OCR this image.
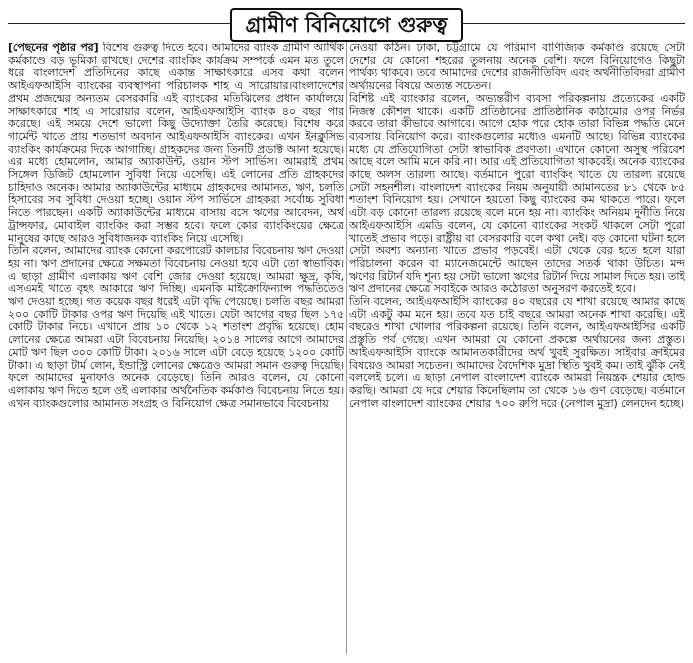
গ্রামীণ বিনিয়োগে গুরুত্ব

[পেছনের পৃষ্ঠার পর] বিশেষ গুরুত্ব দিতে হবে। আমাদের ব্যাংক গ্রামীণ আর্থিক কর্মকাণ্ডে বড় ভূমিকা রাখছে। দেশের ব্যাংকিং কার্যক্রম সম্পর্কে এমন মত তুলে ধরে বাংলাদেশ প্রতিদিনের কাছে একান্ত সাক্ষাৎকারে এসব কথা বলেন আইএফআইসি ব্যাংকের ব্যবস্থাপনা পরিচালক শাহ এ সারোয়ার।বাংলাদেশের প্রথম প্রজন্মের অন্যতম বেসরকারি এই ব্যাংকের মতিঝিলের প্রধান কার্যালয়ে সাক্ষাৎকারে শাহ এ সারোয়ার বলেন, আইএফআইসি ব্যাংক ৪০ বছর পার করেছে। এই সময়ে দেশে ভালো কিছু উদ্যোক্তা তৈরি করেছে। বিশেষ করে গার্মেন্ট খাতে প্রায় শতভাগ অবদান আইএফআইসি ব্যাংকের। এখন ইনক্লুসিভ ব্যাংকিং কার্যক্রমের দিকে আগাচ্ছি। গ্রাহকদের জন্য তিনটি প্রডাক্ট আনা হয়েছে। এর মধ্যে হোমলোন, আমার অ্যাকাউন্ট, ওয়ান স্টপ সার্ভিস। আমরাই প্রথম সিঙ্গেল ডিজিট হোমলোন সুবিধা নিয়ে এসেছি। এই লোনের প্রতি গ্রাহকদের চাহিদাও অনেক। আমার অ্যাকাউন্টের মাধ্যমে গ্রাহকদের আমানত, ঋণ, চলতি হিসাবের সব সুবিধা দেওয়া হচ্ছে। ওয়ান স্টপ সার্ভিসে গ্রাহকরা সর্বোচ্চ সুবিধা নিতে পারছেন। একটি অ্যাকাউন্টের মাধ্যমে বাসায় বসে ঋণের আবেদন, অর্থ ট্রান্সফার, মোবাইল ব্যাংকিং করা সম্ভব হবে। ফলে কোর ব্যাংকিংয়ের ক্ষেত্রে মানুষের কাছে আরও সুবিধাজনক ব্যাংকিং নিয়ে এসেছি।

তিনি বলেন, আমাদের ব্যাংক কোনো করপোরেট কালচার বিবেচনায় ঋণ দেওয়া হয় না। ঋণ প্রদানের ক্ষেত্রে সক্ষমতা বিবেচনায় নেওয়া হবে এটা তো স্বাভাবিক। এ ছাড়া গ্রামীণ এলাকায় ঋণ বেশি জোর দেওয়া হয়েছে। আমরা ক্ষুদ্র, কৃষি, এসএমই খাতে বৃহৎ আকারে ঋণ দিচ্ছি। এমনকি মাইক্রোফিন্যান্স পদ্ধতিতেও ঋণ দেওয়া হচ্ছে। গত কয়েক বছর ধরেই এটা বৃদ্ধি পেয়েছে। চলতি বছর আমরা ২০০ কোটি টাকার ওপর ঋণ দিয়েছি এই খাতে। যেটা আগের বছর ছিল ১৭৫ কোটি টাকার নিচে। এখানে প্রায় ১০ থেকে ১২ শতাংশ প্রবৃদ্ধি হয়েছে। হোম লোনের ক্ষেত্রে আমরা এটা বিবেচনায় নিয়েছি। ২০১৪ সালের আগে আমাদের মোট ঋণ ছিল ৩০০ কোটি টাকা। ২০১৬ সালে এটা বেড়ে হয়েছে ১২০০ কোটি টাকা। এ ছাড়া টার্ম লোন, ইন্ডাস্ট্রি লোনের ক্ষেত্রেও আমরা সমান গুরুত্ব দিয়েছি। ফলে আমাদের মুনাফাও অনেক বেড়েছে। তিনি আরও বলেন, যে কোনো এলাকায় ঋণ দিতে হলে ওই এলাকার অর্থনৈতিক কর্মকাণ্ড বিবেচনায় নিতে হয়। এখন ব্যাংকগুলোর আমানত সংগ্রহ ও বিনিয়োগ ক্ষেত্র সমানভাবে বিবেচনায়

নেওয়া কঠিন। ঢাকা, চট্টগ্রামে যে পরিমাণ বাণিজ্যিক কর্মকাণ্ড রয়েছে সেটা দেশের যে কোনো শহরের তুলনায় অনেক বেশি। ফলে বিনিয়োগেও কিছুটা পার্থক্য থাকবে। তবে আমাদের দেশের রাজনীতিবিদ এবং অর্থনীতিবিদরা গ্রামীণ অর্থায়নের বিষয়ে অত্যন্ত সচেতন।

বিশিষ্ট এই ব্যাংকার বলেন, অভ্যন্তরীণ ব্যবসা পরিকল্পনায় প্রত্যেকের একটি নিজস্ব কৌশল থাকে। একটি প্রতিষ্ঠানের প্রাতিষ্ঠানিক কাঠামোর ওপর নির্ভর করবে তারা কীভাবে আগাবে। আগে হোক পরে হোক তারা বিভিন্ন পদ্ধতি মেনে ব্যবসায় বিনিয়োগ করে। ব্যাংকগুলোর মধ্যেও এমনটি আছে। বিভিন্ন ব্যাংকের মধ্যে যে প্রতিযোগিতা সেটা স্বাভাবিক প্রবণতা। এখানে কোনো অসুস্থ পরিবেশ আছে বলে আমি মনে করি না। আর এই প্রতিযোগিতা থাকবেই। অনেক ব্যাংকের কাছে অলস তারল্য আছে। বর্তমানে পুরো ব্যাংকিং খাতে যে তারল্য রয়েছে সেটা সহনশীল। বাংলাদেশ ব্যাংকের নিয়ম অনুযায়ী আমানতের ৮১ থেকে ৮৫ শতাংশ বিনিয়োগ হয়। সেখানে হয়তো কিছু ব্যাংকের কম থাকতে পারে। ফলে এটা বড় কোনো তারল্য রয়েছে বলে মনে হয় না। ব্যাংকিং অনিয়ম দুর্নীতি নিয়ে আইএফআইসি এমডি বলেন, যে কোনো ব্যাংকের সংকট থাকলে সেটা পুরো খাতেই প্রভাব পড়ে। রাষ্ট্রীয় বা বেসরকারি বলে কথা নেই। বড় কোনো ঘটনা হলে সেটা অবশ্য অন্যান্য খাতে প্রভাব পড়বেই। এটা থেকে বের হতে হলে যারা পরিচালনা করেন বা ম্যানেজমেন্টে আছেন তাদের সতর্ক থাকা উচিত। মন্দ ঋণের রিটার্ন যদি শূন্য হয় সেটা ভালো ঋণের রিটার্ন দিয়ে সামাল দিতে হয়। তাই ঋণ প্রদানের ক্ষেত্রে সবাইকে আরও কঠোরতা অনুসরণ করতেই হবে।

তিনি বলেন, আইএফআইসি ব্যাংকের ৪০ বছরের যে শাখা রয়েছে আমার কাছে এটা একটু কম মনে হয়। তবে যত চাই বছরে আমরা অনেক শাখা করেছি। এই বছরেও শাখা খোলার পরিকল্পনা রয়েছে। তিনি বলেন, আইএফআইসির একটি প্রস্তুতি পর্ব গেছে। এখন আমরা যে কোনো প্রকল্পে অর্থায়নের জন্য প্রস্তুত। আইএফআইসি ব্যাংকে আমানতকারীদের অর্থ খুবই সুরক্ষিত। সাইবার ক্রাইমের বিষয়েও আমরা সচেতন। আমাদের বৈদেশিক মুদ্রা স্থিতি খুবই কম। তাই ঝুঁকি নেই বললেই চলে। এ ছাড়া নেপাল বাংলাদেশ ব্যাংকে আমরা নিয়ন্ত্রক শেয়ার হোল্ড করছি। আমরা যে দরে শেয়ার কিনেছিলাম তা থেকে ১৬ গুণ বেড়েছে। বর্তমানে নেপাল বাংলাদেশ ব্যাংকের শেয়ার ৭০০ রুপি দরে (নেপাল মুদ্রা) লেনদেন হচ্ছে।
